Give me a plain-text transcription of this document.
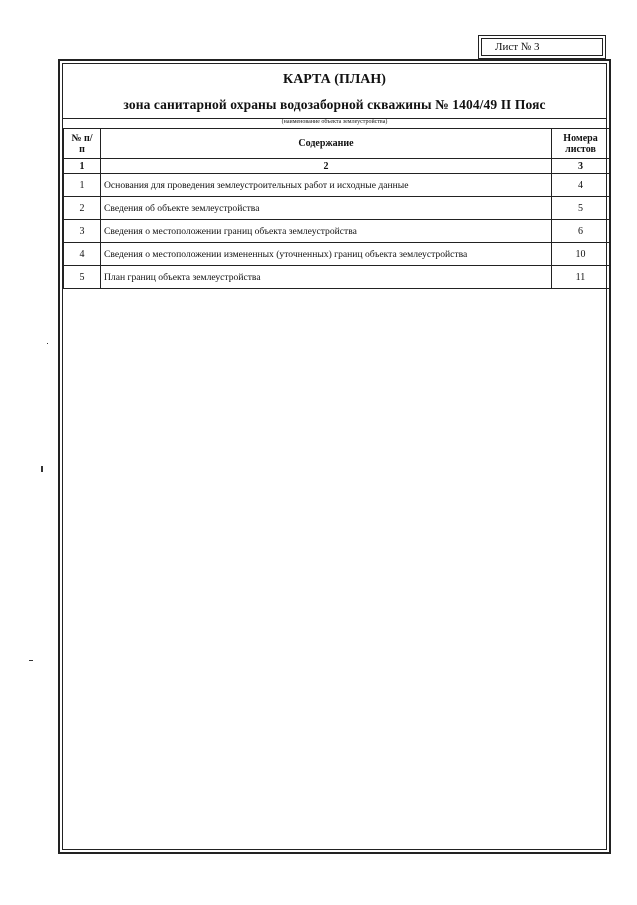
Лист № 3
КАРТА (ПЛАН)
зона санитарной охраны водозаборной скважины № 1404/49 II Пояс
(наименование объекта землеустройства)
№ п/п	Содержание	Номера листов
1	2	3
1	Основания для проведения землеустроительных работ и исходные данные	4
2	Сведения об объекте землеустройства	5
3	Сведения о местоположении границ объекта землеустройства	6
4	Сведения о местоположении измененных (уточненных) границ объекта землеустройства	10
5	План границ объекта землеустройства	11
